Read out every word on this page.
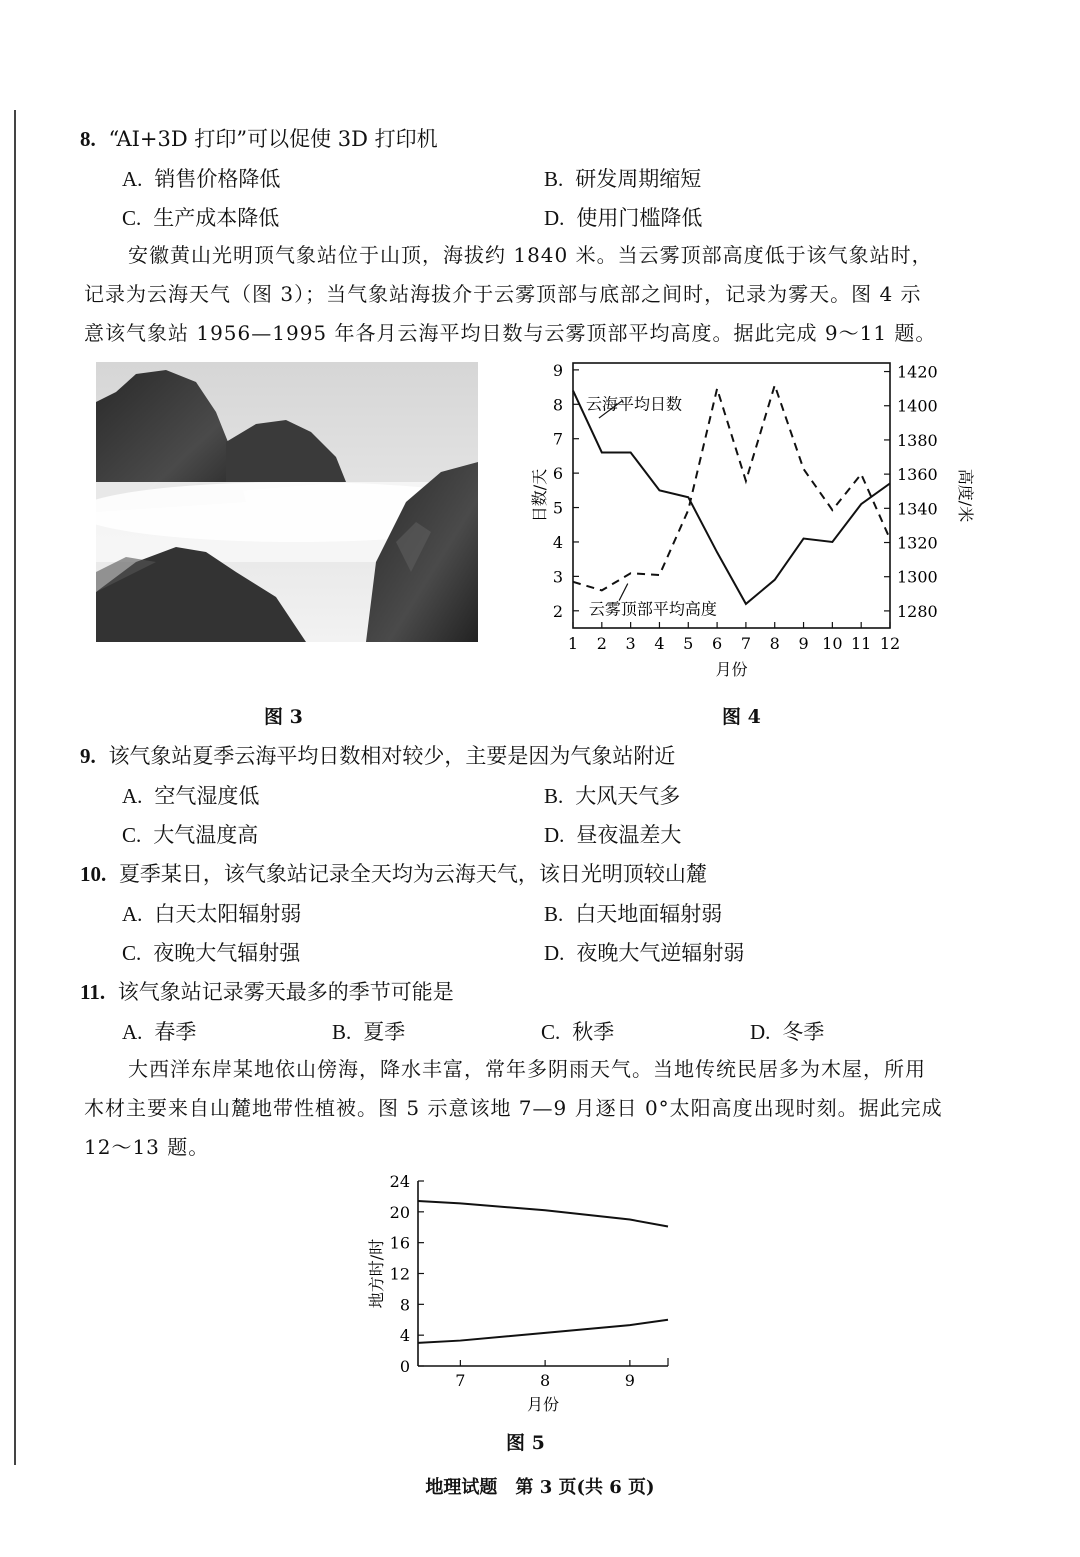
8. “AI+3D 打印”可以促使 3D 打印机
A. 销售价格降低	B. 研发周期缩短
C. 生产成本降低	D. 使用门槛降低

安徽黄山光明顶气象站位于山顶，海拔约 1840 米。当云雾顶部高度低于该气象站时，

记录为云海天气（图 3）；当气象站海拔介于云雾顶部与底部之间时，记录为雾天。图 4 示

意该气象站 1956—1995 年各月云海平均日数与云雾顶部平均高度。据此完成 9～11 题。

图 3
2
3
4
5
6
7
8
9
1280
1300
1320
1340
1360
1380
1400
1420
1 2 3 4 5 6 7 8 9 10 11 12
月份
日数/天	高度/米
云海平均日数
云雾顶部平均高度
图 4
9. 该气象站夏季云海平均日数相对较少，主要是因为气象站附近
A. 空气湿度低	B. 大风天气多
C. 大气温度高	D. 昼夜温差大
10. 夏季某日，该气象站记录全天均为云海天气，该日光明顶较山麓
A. 白天太阳辐射弱	B. 白天地面辐射弱
C. 夜晚大气辐射强	D. 夜晚大气逆辐射弱
11. 该气象站记录雾天最多的季节可能是
A. 春季	B. 夏季	C. 秋季	D. 冬季

大西洋东岸某地依山傍海，降水丰富，常年多阴雨天气。当地传统民居多为木屋，所用

木材主要来自山麓地带性植被。图 5 示意该地 7—9 月逐日 0°太阳高度出现时刻。据此完成

12～13 题。

0
4
8
12
16
20
24
7	8	9
月份
地方时/时
图 5
地理试题　第 3 页(共 6 页)
